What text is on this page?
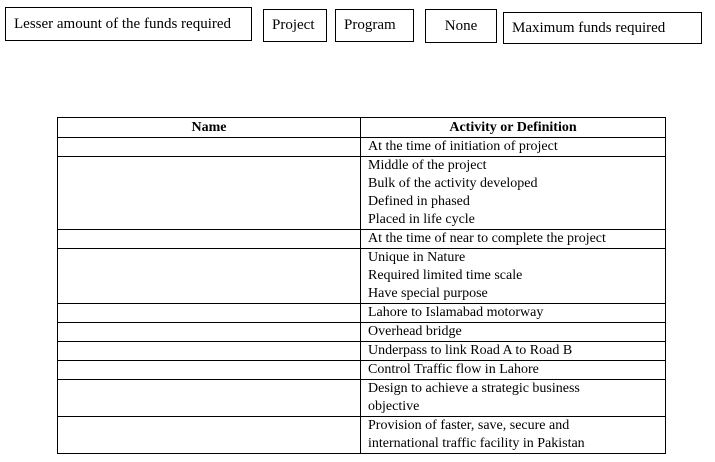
Lesser amount of the funds required	Project	Program	None	Maximum funds required
Name	Activity or Definition

	At the time of initiation of project

	Middle of the project
Bulk of the activity developed
Defined in phased
Placed in life cycle

	At the time of near to complete the project

	Unique in Nature
Required limited time scale
Have special purpose

	Lahore to Islamabad motorway

	Overhead bridge

	Underpass to link Road A to Road B

	Control Traffic flow in Lahore

	Design to achieve a strategic business
objective

	Provision of faster, save, secure and
international traffic facility in Pakistan
